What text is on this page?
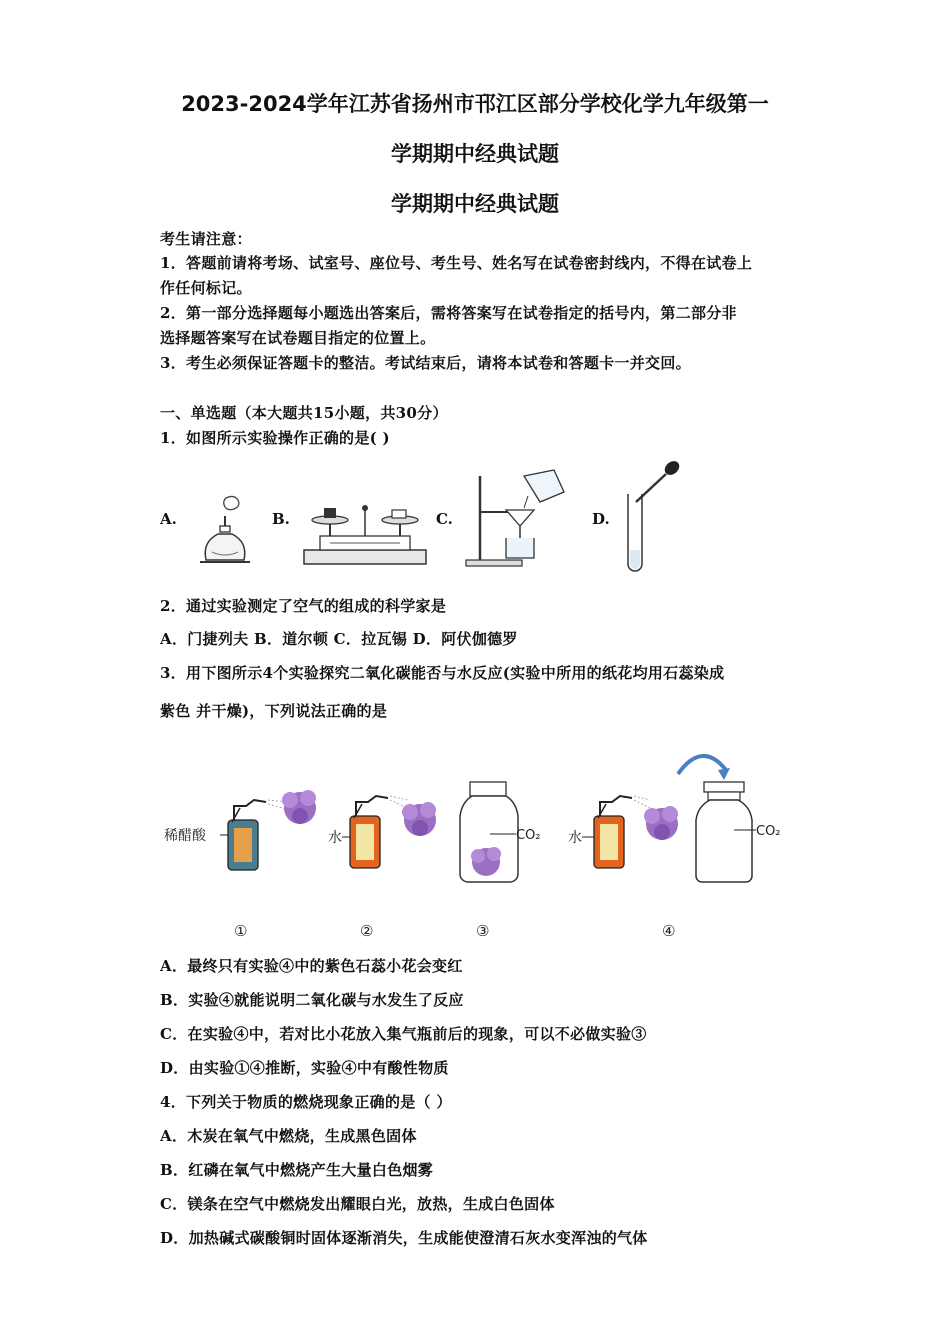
2023-2024学年江苏省扬州市邗江区部分学校化学九年级第一
学期期中经典试题
学期期中经典试题
考生请注意：
1．答题前请将考场、试室号、座位号、考生号、姓名写在试卷密封线内，不得在试卷上
作任何标记。
2．第一部分选择题每小题选出答案后，需将答案写在试卷指定的括号内，第二部分非
选择题答案写在试卷题目指定的位置上。
3．考生必须保证答题卡的整洁。考试结束后，请将本试卷和答题卡一并交回。
一、单选题（本大题共15小题，共30分）
1．如图所示实验操作正确的是( )
A.	B.	C.	D.
2．通过实验测定了空气的组成的科学家是
A．门捷列夫 B．道尔顿 C．拉瓦锡 D．阿伏伽德罗
3．用下图所示4个实验探究二氧化碳能否与水反应(实验中所用的纸花均用石蕊染成
紫色 并干燥)，下列说法正确的是
稀醋酸	水	CO₂ 水	CO₂
①	②	③	④
A．最终只有实验④中的紫色石蕊小花会变红
B．实验④就能说明二氧化碳与水发生了反应
C．在实验④中，若对比小花放入集气瓶前后的现象，可以不必做实验③
D．由实验①④推断，实验④中有酸性物质
4．下列关于物质的燃烧现象正确的是（ ）
A．木炭在氧气中燃烧，生成黑色固体
B．红磷在氧气中燃烧产生大量白色烟雾
C．镁条在空气中燃烧发出耀眼白光，放热，生成白色固体
D．加热碱式碳酸铜时固体逐渐消失，生成能使澄清石灰水变浑浊的气体
